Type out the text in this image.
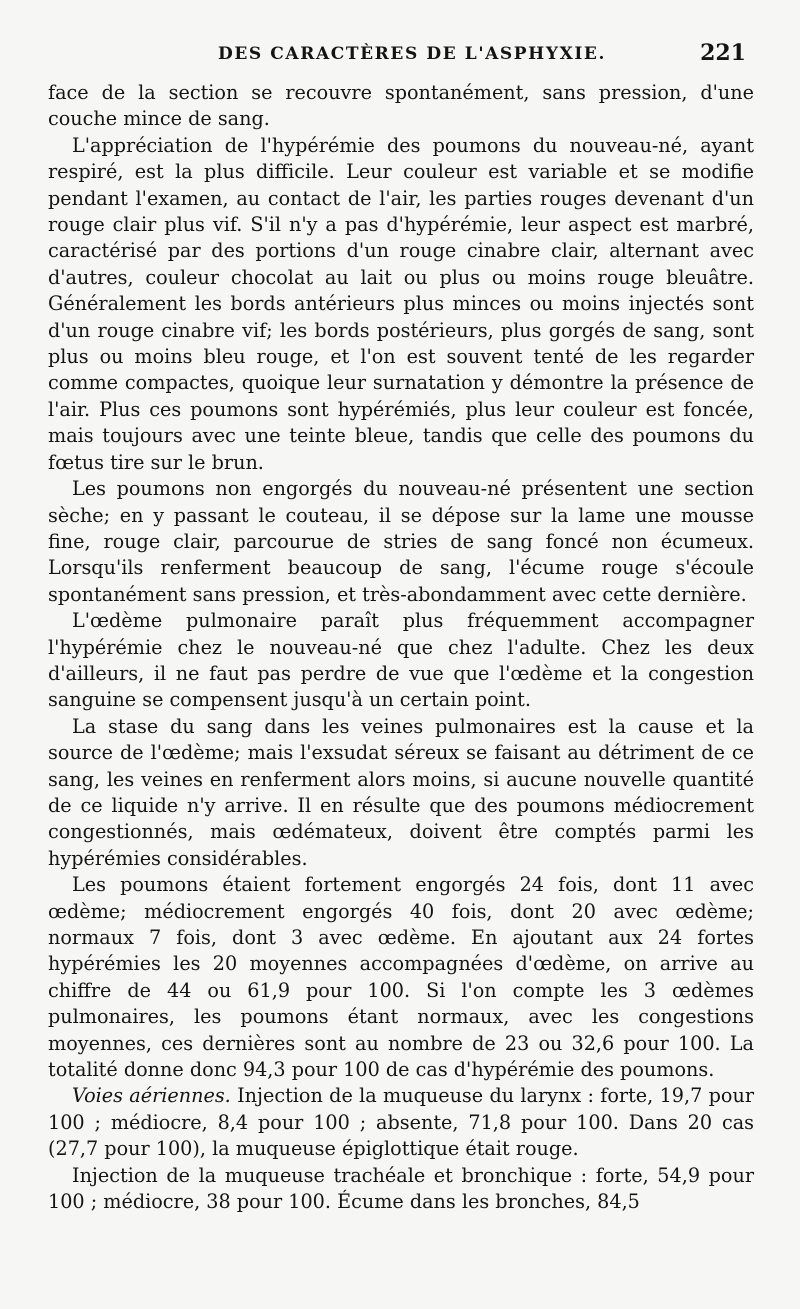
DES CARACTÈRES DE L'ASPHYXIE.	221

face de la section se recouvre spontanément, sans pression, d'une couche mince de sang.

L'appréciation de l'hypérémie des poumons du nouveau-né, ayant respiré, est la plus difficile. Leur couleur est variable et se modifie pendant l'examen, au contact de l'air, les parties rouges devenant d'un rouge clair plus vif. S'il n'y a pas d'hypérémie, leur aspect est marbré, caractérisé par des portions d'un rouge cinabre clair, alternant avec d'autres, couleur chocolat au lait ou plus ou moins rouge bleuâtre. Généralement les bords antérieurs plus minces ou moins injectés sont d'un rouge cinabre vif; les bords postérieurs, plus gorgés de sang, sont plus ou moins bleu rouge, et l'on est souvent tenté de les regarder comme compactes, quoique leur surnatation y démontre la présence de l'air. Plus ces poumons sont hypérémiés, plus leur couleur est foncée, mais toujours avec une teinte bleue, tandis que celle des poumons du fœtus tire sur le brun.

Les poumons non engorgés du nouveau-né présentent une section sèche; en y passant le couteau, il se dépose sur la lame une mousse fine, rouge clair, parcourue de stries de sang foncé non écumeux. Lorsqu'ils renferment beaucoup de sang, l'écume rouge s'écoule spontanément sans pression, et très-abondamment avec cette dernière.

L'œdème pulmonaire paraît plus fréquemment accompagner l'hypérémie chez le nouveau-né que chez l'adulte. Chez les deux d'ailleurs, il ne faut pas perdre de vue que l'œdème et la congestion sanguine se compensent jusqu'à un certain point.

La stase du sang dans les veines pulmonaires est la cause et la source de l'œdème; mais l'exsudat séreux se faisant au détriment de ce sang, les veines en renferment alors moins, si aucune nouvelle quantité de ce liquide n'y arrive. Il en résulte que des poumons médiocrement congestionnés, mais œdémateux, doivent être comptés parmi les hypérémies considérables.

Les poumons étaient fortement engorgés 24 fois, dont 11 avec œdème; médiocrement engorgés 40 fois, dont 20 avec œdème; normaux 7 fois, dont 3 avec œdème. En ajoutant aux 24 fortes hypérémies les 20 moyennes accompagnées d'œdème, on arrive au chiffre de 44 ou 61,9 pour 100. Si l'on compte les 3 œdèmes pulmonaires, les poumons étant normaux, avec les congestions moyennes, ces dernières sont au nombre de 23 ou 32,6 pour 100. La totalité donne donc 94,3 pour 100 de cas d'hypérémie des poumons.

Voies aériennes. Injection de la muqueuse du larynx : forte, 19,7 pour 100 ; médiocre, 8,4 pour 100 ; absente, 71,8 pour 100. Dans 20 cas (27,7 pour 100), la muqueuse épiglottique était rouge.

Injection de la muqueuse trachéale et bronchique : forte, 54,9 pour 100 ; médiocre, 38 pour 100. Écume dans les bronches, 84,5
